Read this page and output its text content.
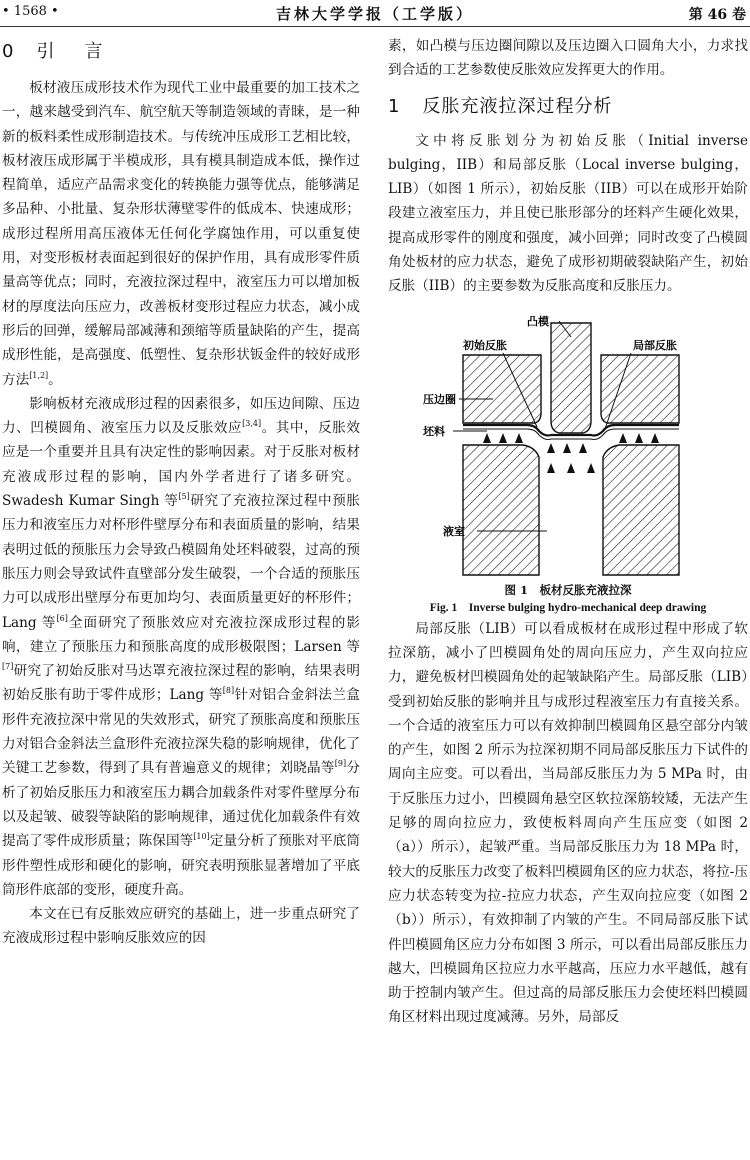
• 1568 •	吉林大学学报（工学版）	第 46 卷
0 引　言

板材液压成形技术作为现代工业中最重要的加工技术之一，越来越受到汽车、航空航天等制造领域的青睐，是一种新的板料柔性成形制造技术。与传统冲压成形工艺相比较，板材液压成形属于半模成形，具有模具制造成本低，操作过程简单，适应产品需求变化的转换能力强等优点，能够满足多品种、小批量、复杂形状薄壁零件的低成本、快速成形；成形过程所用高压液体无任何化学腐蚀作用，可以重复使用，对变形板材表面起到很好的保护作用，具有成形零件质量高等优点；同时，充液拉深过程中，液室压力可以增加板材的厚度法向压应力，改善板材变形过程应力状态，减小成形后的回弹，缓解局部减薄和颈缩等质量缺陷的产生，提高成形性能，是高强度、低塑性、复杂形状钣金件的较好成形方法[1,2]。

影响板材充液成形过程的因素很多，如压边间隙、压边力、凹模圆角、液室压力以及反胀效应[3,4]。其中，反胀效应是一个重要并且具有决定性的影响因素。对于反胀对板材充液成形过程的影响，国内外学者进行了诸多研究。Swadesh Kumar Singh 等[5]研究了充液拉深过程中预胀压力和液室压力对杯形件壁厚分布和表面质量的影响，结果表明过低的预胀压力会导致凸模圆角处坯料破裂，过高的预胀压力则会导致试件直壁部分发生破裂，一个合适的预胀压力可以成形出壁厚分布更加均匀、表面质量更好的杯形件；Lang 等[6]全面研究了预胀效应对充液拉深成形过程的影响，建立了预胀压力和预胀高度的成形极限图；Larsen 等[7]研究了初始反胀对马达罩充液拉深过程的影响，结果表明初始反胀有助于零件成形；Lang 等[8]针对铝合金斜法兰盒形件充液拉深中常见的失效形式，研究了预胀高度和预胀压力对铝合金斜法兰盒形件充液拉深失稳的影响规律，优化了关键工艺参数，得到了具有普遍意义的规律；刘晓晶等[9]分析了初始反胀压力和液室压力耦合加载条件对零件壁厚分布以及起皱、破裂等缺陷的影响规律，通过优化加载条件有效提高了零件成形质量；陈保国等[10]定量分析了预胀对平底筒形件塑性成形和硬化的影响，研究表明预胀显著增加了平底筒形件底部的变形，硬度升高。

本文在已有反胀效应研究的基础上，进一步重点研究了充液成形过程中影响反胀效应的因

素，如凸模与压边圈间隙以及压边圈入口圆角大小，力求找到合适的工艺参数使反胀效应发挥更大的作用。

1 反胀充液拉深过程分析

文中将反胀划分为初始反胀（Initial inverse bulging，IIB）和局部反胀（Local inverse bulging，LIB）（如图 1 所示），初始反胀（IIB）可以在成形开始阶段建立液室压力，并且使已胀形部分的坯料产生硬化效果，提高成形零件的刚度和强度，减小回弹；同时改变了凸模圆角处板材的应力状态，避免了成形初期破裂缺陷产生，初始反胀（IIB）的主要参数为反胀高度和反胀压力。

凸模
初始反胀	局部反胀
压边圈
坯料
液室
图 1　板材反胀充液拉深
Fig. 1　Inverse bulging hydro-mechanical deep drawing

局部反胀（LIB）可以看成板材在成形过程中形成了软拉深筋，减小了凹模圆角处的周向压应力，产生双向拉应力，避免板材凹模圆角处的起皱缺陷产生。局部反胀（LIB）受到初始反胀的影响并且与成形过程液室压力有直接关系。一个合适的液室压力可以有效抑制凹模圆角区悬空部分内皱的产生，如图 2 所示为拉深初期不同局部反胀压力下试件的周向主应变。可以看出，当局部反胀压力为 5 MPa 时，由于反胀压力过小，凹模圆角悬空区软拉深筋较矮，无法产生足够的周向拉应力，致使板料周向产生压应变（如图 2（a））所示），起皱严重。当局部反胀压力为 18 MPa 时，较大的反胀压力改变了板料凹模圆角区的应力状态，将拉-压应力状态转变为拉-拉应力状态，产生双向拉应变（如图 2（b））所示），有效抑制了内皱的产生。不同局部反胀下试件凹模圆角区应力分布如图 3 所示，可以看出局部反胀压力越大，凹模圆角区拉应力水平越高，压应力水平越低，越有助于控制内皱产生。但过高的局部反胀压力会使坯料凹模圆角区材料出现过度减薄。另外，局部反
